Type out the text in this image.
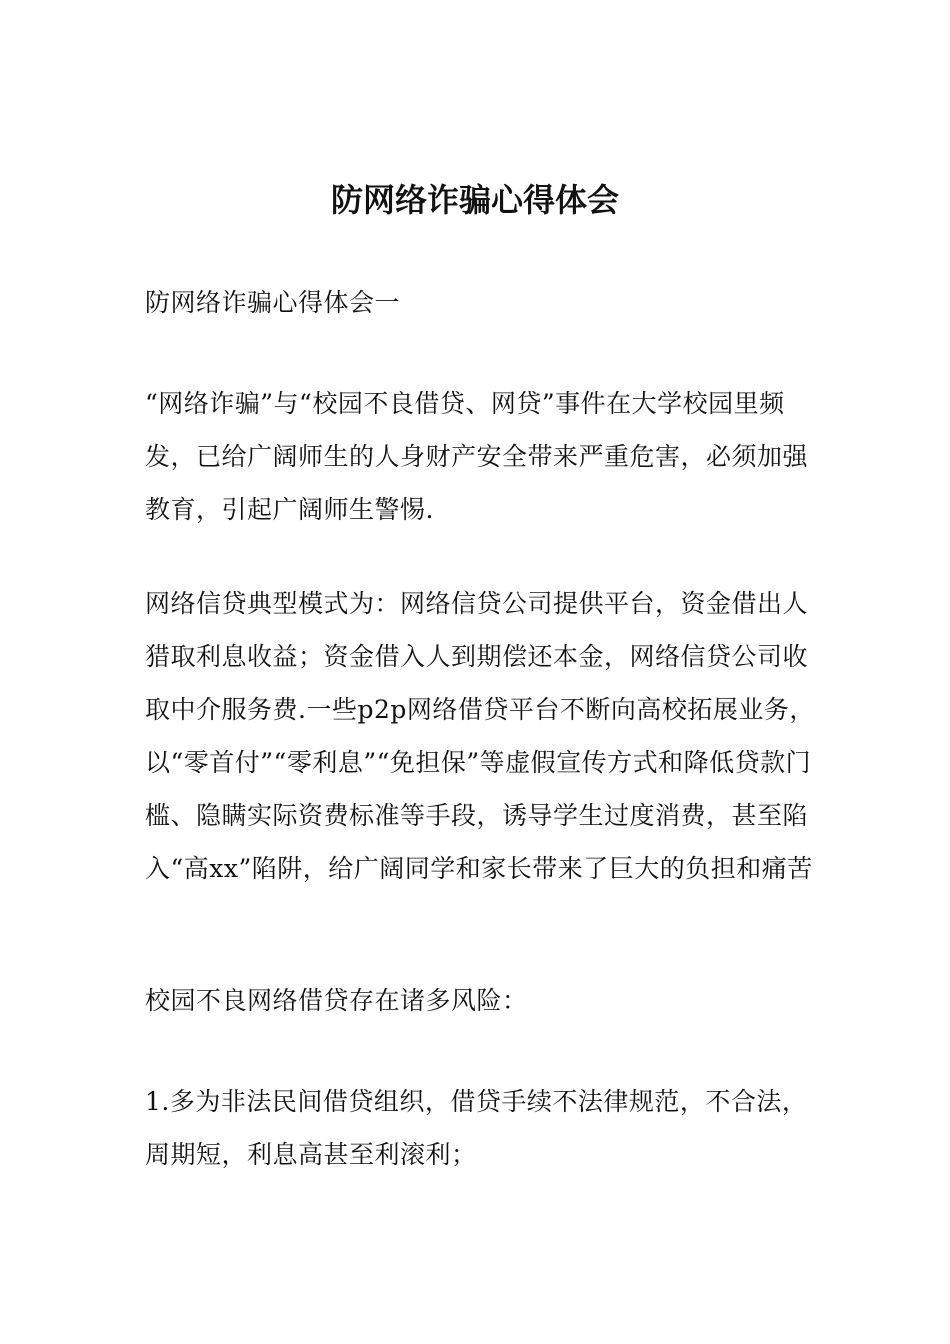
防网络诈骗心得体会

防网络诈骗心得体会一

“网络诈骗”与“校园不良借贷、网贷”事件在大学校园里频发，已给广阔师生的人身财产安全带来严重危害，必须加强教育，引起广阔师生警惕.

网络信贷典型模式为：网络信贷公司提供平台，资金借出人猎取利息收益；资金借入人到期偿还本金，网络信贷公司收取中介服务费.一些p2p网络借贷平台不断向高校拓展业务，以“零首付”“零利息”“免担保”等虚假宣传方式和降低贷款门槛、隐瞒实际资费标准等手段，诱导学生过度消费，甚至陷入“高xx”陷阱，给广阔同学和家长带来了巨大的负担和痛苦

校园不良网络借贷存在诸多风险：

1.多为非法民间借贷组织，借贷手续不法律规范，不合法，周期短，利息高甚至利滚利；
